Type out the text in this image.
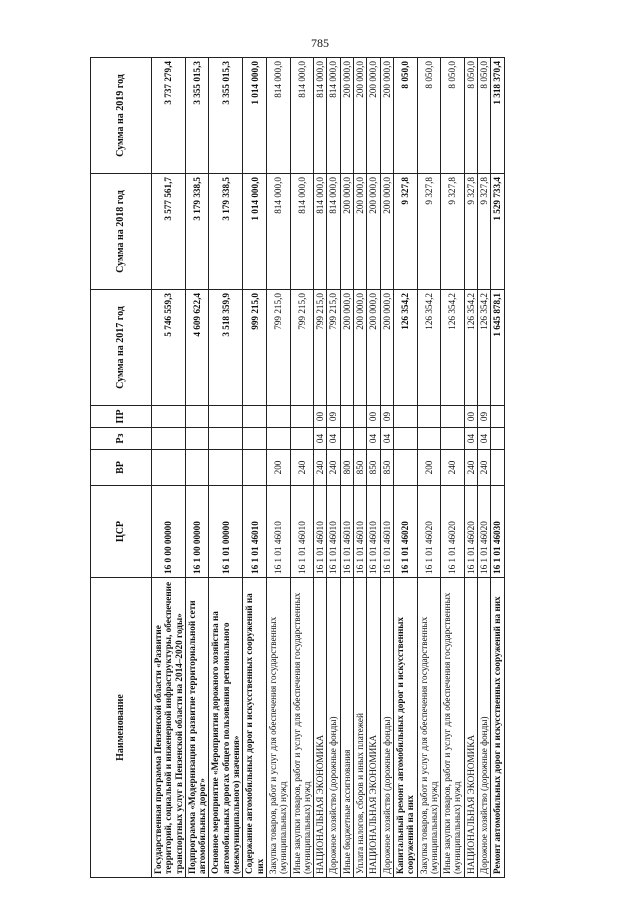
785
Наименование	ЦСР	ВР	Рз	ПР	Сумма на 2017 год	Сумма на 2018 год	Сумма на 2019 год
Государственная программа Пензенской области «Развитие территорий, социальной и инженерной инфраструктуры, обеспечение транспортных услуг в Пензенской области на 2014–2020 годы»	16 0 00 00000				5 746 559,3	3 577 561,7	3 737 279,4
Подпрограмма «Модернизация и развитие территориальной сети автомобильных дорог»	16 1 00 00000				4 609 622,4	3 179 338,5	3 355 015,3
Основное мероприятие «Мероприятия дорожного хозяйства на автомобильных дорогах общего пользования регионального (межмуниципального) значения»	16 1 01 00000				3 518 359,9	3 179 338,5	3 355 015,3
Содержание автомобильных дорог и искусственных сооружений на них	16 1 01 46010				999 215,0	1 014 000,0	1 014 000,0
Закупка товаров, работ и услуг для обеспечения государственных (муниципальных) нужд	16 1 01 46010	200			799 215,0	814 000,0	814 000,0
Иные закупки товаров, работ и услуг для обеспечения государственных (муниципальных) нужд	16 1 01 46010	240			799 215,0	814 000,0	814 000,0
НАЦИОНАЛЬНАЯ ЭКОНОМИКА	16 1 01 46010	240	04	00	799 215,0	814 000,0	814 000,0
Дорожное хозяйство (дорожные фонды)	16 1 01 46010	240	04	09	799 215,0	814 000,0	814 000,0
Иные бюджетные ассигнования	16 1 01 46010	800			200 000,0	200 000,0	200 000,0
Уплата налогов, сборов и иных платежей	16 1 01 46010	850			200 000,0	200 000,0	200 000,0
НАЦИОНАЛЬНАЯ ЭКОНОМИКА	16 1 01 46010	850	04	00	200 000,0	200 000,0	200 000,0
Дорожное хозяйство (дорожные фонды)	16 1 01 46010	850	04	09	200 000,0	200 000,0	200 000,0
Капитальный ремонт автомобильных дорог и искусственных сооружений на них	16 1 01 46020				126 354,2	9 327,8	8 050,0
Закупка товаров, работ и услуг для обеспечения государственных (муниципальных) нужд	16 1 01 46020	200			126 354,2	9 327,8	8 050,0
Иные закупки товаров, работ и услуг для обеспечения государственных (муниципальных) нужд	16 1 01 46020	240			126 354,2	9 327,8	8 050,0
НАЦИОНАЛЬНАЯ ЭКОНОМИКА	16 1 01 46020	240	04	00	126 354,2	9 327,8	8 050,0
Дорожное хозяйство (дорожные фонды)	16 1 01 46020	240	04	09	126 354,2	9 327,8	8 050,0
Ремонт автомобильных дорог и искусственных сооружений на них	16 1 01 46030				1 645 878,1	1 529 733,4	1 318 370,4
